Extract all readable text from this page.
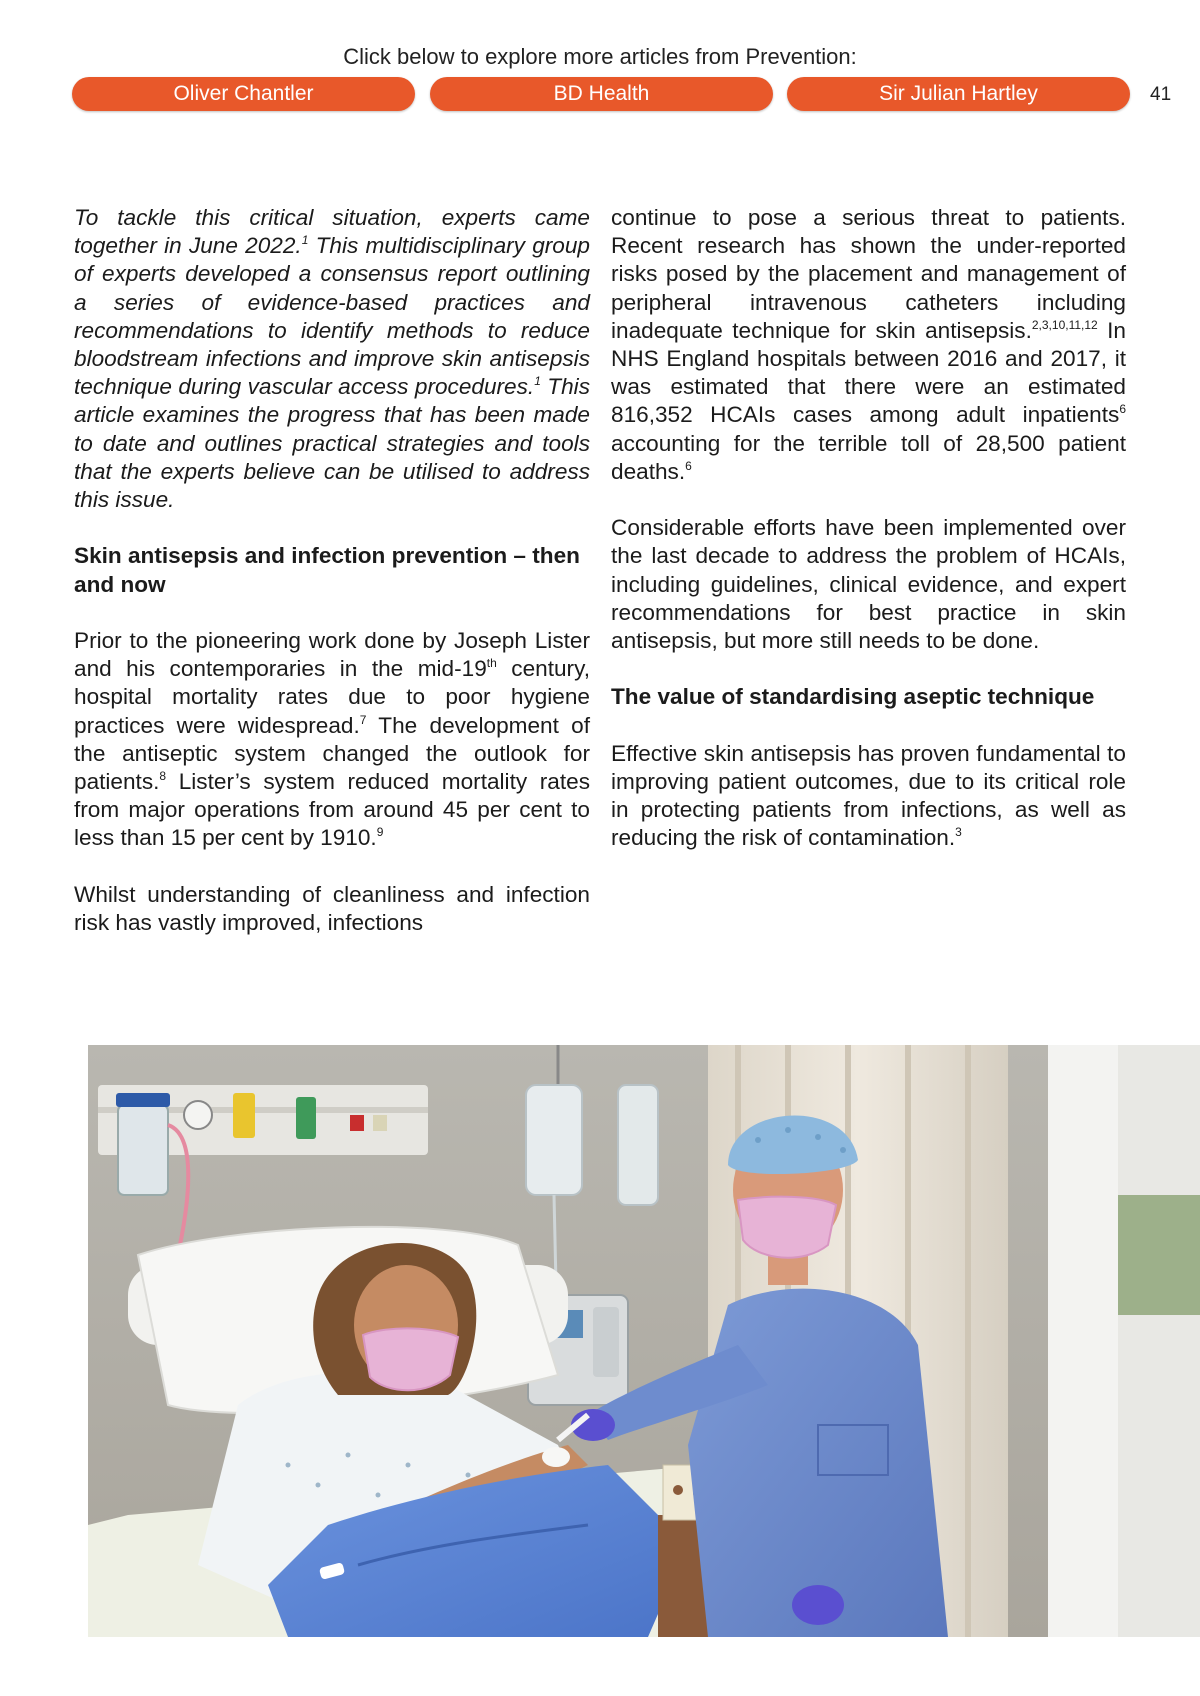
Click below to explore more articles from Prevention:
Oliver Chantler	BD Health	Sir Julian Hartley	41

To tackle this critical situation, experts came together in June 2022.$^1$ This multidisciplinary group of experts developed a consensus report outlining a series of evidence-based practices and recommendations to identify methods to reduce bloodstream infections and improve skin antisepsis technique during vascular access procedures.$^1$ This article examines the progress that has been made to date and outlines practical strategies and tools that the experts believe can be utilised to address this issue.

Skin antisepsis and infection prevention – then and now

Prior to the pioneering work done by Joseph Lister and his contemporaries in the mid-19th century, hospital mortality rates due to poor hygiene practices were widespread.$^7$ The development of the antiseptic system changed the outlook for patients.$^8$ Lister’s system reduced mortality rates from major operations from around 45 per cent to less than 15 per cent by 1910.$^9$

Whilst understanding of cleanliness and infection risk has vastly improved, infections

continue to pose a serious threat to patients. Recent research has shown the under-reported risks posed by the placement and management of peripheral intravenous catheters including inadequate technique for skin antisepsis.$^{2,3,10,11,12}$ In NHS England hospitals between 2016 and 2017, it was estimated that there were an estimated 816,352 HCAIs cases among adult inpatients$^6$ accounting for the terrible toll of 28,500 patient deaths.$^6$

Considerable efforts have been implemented over the last decade to address the problem of HCAIs, including guidelines, clinical evidence, and expert recommendations for best practice in skin antisepsis, but more still needs to be done.

The value of standardising aseptic technique

Effective skin antisepsis has proven fundamental to improving patient outcomes, due to its critical role in protecting patients from infections, as well as reducing the risk of contamination.$^3$
